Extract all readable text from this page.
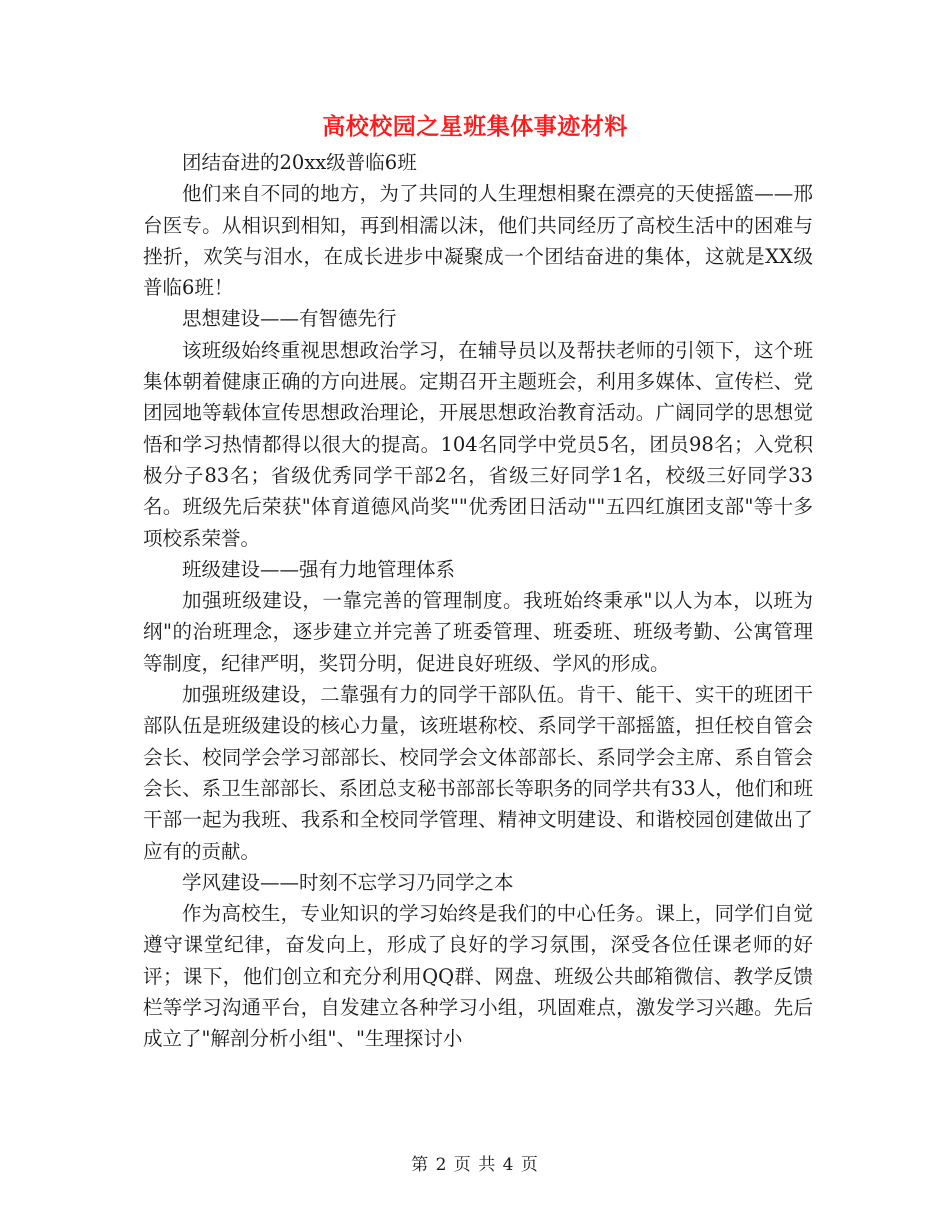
高校校园之星班集体事迹材料

团结奋进的20xx级普临6班

他们来自不同的地方，为了共同的人生理想相聚在漂亮的天使摇篮——邢台医专。从相识到相知，再到相濡以沫，他们共同经历了高校生活中的困难与挫折，欢笑与泪水，在成长进步中凝聚成一个团结奋进的集体，这就是XX级普临6班！

思想建设——有智德先行

该班级始终重视思想政治学习，在辅导员以及帮扶老师的引领下，这个班集体朝着健康正确的方向进展。定期召开主题班会，利用多媒体、宣传栏、党团园地等载体宣传思想政治理论，开展思想政治教育活动。广阔同学的思想觉悟和学习热情都得以很大的提高。104名同学中党员5名，团员98名；入党积极分子83名；省级优秀同学干部2名，省级三好同学1名，校级三好同学33名。班级先后荣获"体育道德风尚奖""优秀团日活动""五四红旗团支部"等十多项校系荣誉。

班级建设——强有力地管理体系

加强班级建设，一靠完善的管理制度。我班始终秉承"以人为本，以班为纲"的治班理念，逐步建立并完善了班委管理、班委班、班级考勤、公寓管理等制度，纪律严明，奖罚分明，促进良好班级、学风的形成。

加强班级建设，二靠强有力的同学干部队伍。肯干、能干、实干的班团干部队伍是班级建设的核心力量，该班堪称校、系同学干部摇篮，担任校自管会会长、校同学会学习部部长、校同学会文体部部长、系同学会主席、系自管会会长、系卫生部部长、系团总支秘书部部长等职务的同学共有33人，他们和班干部一起为我班、我系和全校同学管理、精神文明建设、和谐校园创建做出了应有的贡献。

学风建设——时刻不忘学习乃同学之本

作为高校生，专业知识的学习始终是我们的中心任务。课上，同学们自觉遵守课堂纪律，奋发向上，形成了良好的学习氛围，深受各位任课老师的好评；课下，他们创立和充分利用QQ群、网盘、班级公共邮箱微信、教学反馈栏等学习沟通平台，自发建立各种学习小组，巩固难点，激发学习兴趣。先后成立了"解剖分析小组"、"生理探讨小

第 2 页 共 4 页
